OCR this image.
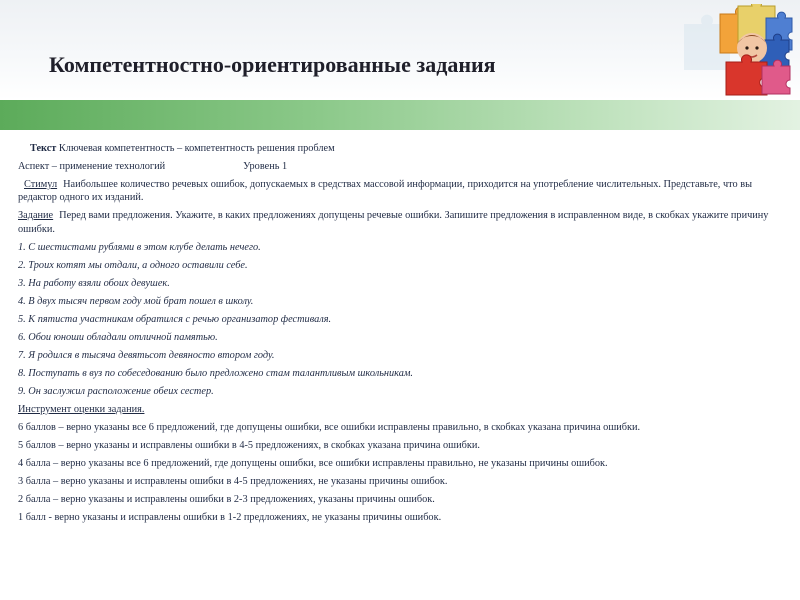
Компетентностно-ориентированные задания
Текст Ключевая компетентность – компетентность решения проблем
Аспект – применение технологий	Уровень 1
Стимул Наибольшее количество речевых ошибок, допускаемых в средствах массовой информации, приходится на употребление числительных. Представьте, что вы редактор одного их изданий.
Задание Перед вами предложения. Укажите, в каких предложениях допущены речевые ошибки. Запишите предложения в исправленном виде, в скобках укажите причину ошибки.
1. С шестистами рублями в этом клубе делать нечего.
2. Троих котят мы отдали, а одного оставили себе.
3. На работу взяли обоих девушек.
4. В двух тысяч первом году мой брат пошел в школу.
5. К пятиста участникам обратился с речью организатор фестиваля.
6. Обои юноши обладали отличной памятью.
7. Я родился в тысяча девятьсот девяносто втором году.
8. Поступать в вуз по собеседованию было предложено стам талантливым школьникам.
9. Он заслужил расположение обеих сестер.
Инструмент оценки задания.
6 баллов – верно указаны все 6 предложений, где допущены ошибки, все ошибки исправлены правильно, в скобках указана причина ошибки.
5 баллов – верно указаны и исправлены ошибки в 4-5 предложениях, в скобках указана причина ошибки.
4 балла – верно указаны все 6 предложений, где допущены ошибки, все ошибки исправлены правильно, не указаны причины ошибок.
3 балла – верно указаны и исправлены ошибки в 4-5 предложениях, не указаны причины ошибок.
2 балла – верно указаны и исправлены ошибки в 2-3 предложениях, указаны причины ошибок.
1 балл - верно указаны и исправлены ошибки в 1-2 предложениях, не указаны причины ошибок.
